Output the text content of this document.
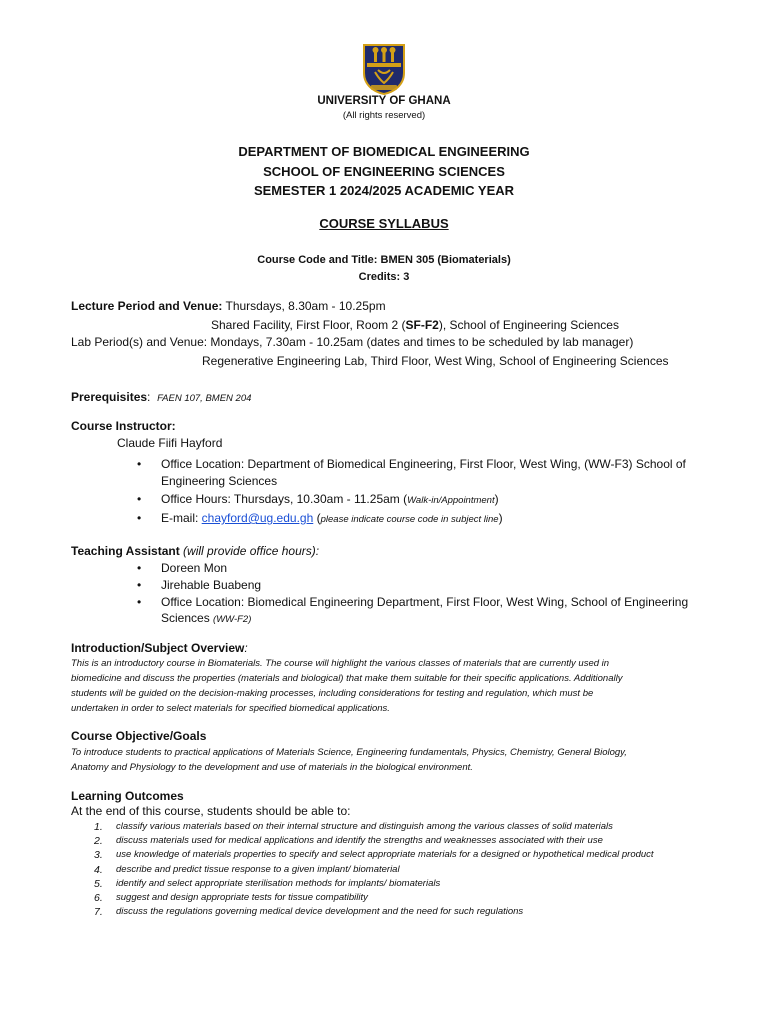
UNIVERSITY OF GHANA
(All rights reserved)
DEPARTMENT OF BIOMEDICAL ENGINEERING
SCHOOL OF ENGINEERING SCIENCES
SEMESTER 1 2024/2025 ACADEMIC YEAR
COURSE SYLLABUS
Course Code and Title: BMEN 305 (Biomaterials)
Credits: 3
Lecture Period and Venue: Thursdays, 8.30am - 10.25pm
Shared Facility, First Floor, Room 2 (SF-F2), School of Engineering Sciences
Lab Period(s) and Venue: Mondays, 7.30am - 10.25am (dates and times to be scheduled by lab manager)
Regenerative Engineering Lab, Third Floor, West Wing, School of Engineering Sciences
Prerequisites: FAEN 107, BMEN 204
Course Instructor:
Claude Fiifi Hayford
• Office Location: Department of Biomedical Engineering, First Floor, West Wing, (WW-F3) School of
Engineering Sciences
• Office Hours: Thursdays, 10.30am - 11.25am (Walk-in/Appointment)
• E-mail: chayford@ug.edu.gh (please indicate course code in subject line)
Teaching Assistant (will provide office hours):
• Doreen Mon
• Jirehable Buabeng
• Office Location: Biomedical Engineering Department, First Floor, West Wing, School of Engineering
Sciences (WW-F2)
Introduction/Subject Overview:
This is an introductory course in Biomaterials. The course will highlight the various classes of materials that are currently used in
biomedicine and discuss the properties (materials and biological) that make them suitable for their specific applications. Additionally
students will be guided on the decision-making processes, including considerations for testing and regulation, which must be
undertaken in order to select materials for specified biomedical applications.
Course Objective/Goals
To introduce students to practical applications of Materials Science, Engineering fundamentals, Physics, Chemistry, General Biology,
Anatomy and Physiology to the development and use of materials in the biological environment.
Learning Outcomes
At the end of this course, students should be able to:
1.	classify various materials based on their internal structure and distinguish among the various classes of solid materials
2.	discuss materials used for medical applications and identify the strengths and weaknesses associated with their use
3.	use knowledge of materials properties to specify and select appropriate materials for a designed or hypothetical medical product
4.	describe and predict tissue response to a given implant/ biomaterial
5.	identify and select appropriate sterilisation methods for implants/ biomaterials
6.	suggest and design appropriate tests for tissue compatibility
7.	discuss the regulations governing medical device development and the need for such regulations
